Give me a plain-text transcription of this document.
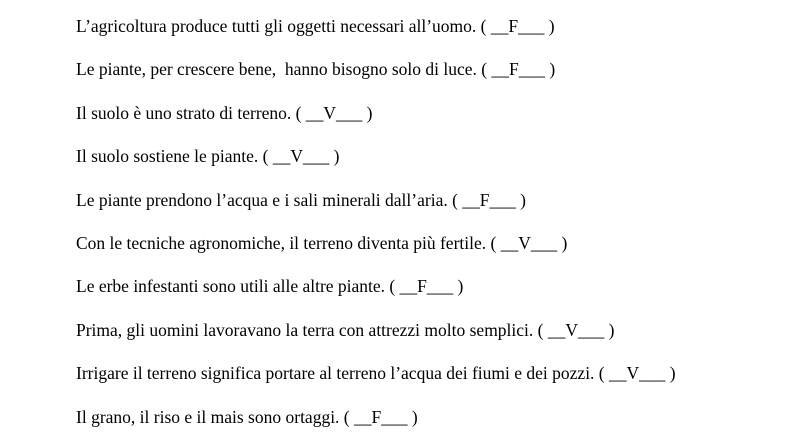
L’agricoltura produce tutti gli oggetti necessari all’uomo. ( __F___ )
Le piante, per crescere bene,  hanno bisogno solo di luce. ( __F___ )
Il suolo è uno strato di terreno. ( __V___ )
Il suolo sostiene le piante. ( __V___ )
Le piante prendono l’acqua e i sali minerali dall’aria. ( __F___ )
Con le tecniche agronomiche, il terreno diventa più fertile. ( __V___ )
Le erbe infestanti sono utili alle altre piante. ( __F___ )
Prima, gli uomini lavoravano la terra con attrezzi molto semplici. ( __V___ )
Irrigare il terreno significa portare al terreno l’acqua dei fiumi e dei pozzi. ( __V___ )
Il grano, il riso e il mais sono ortaggi. ( __F___ )
